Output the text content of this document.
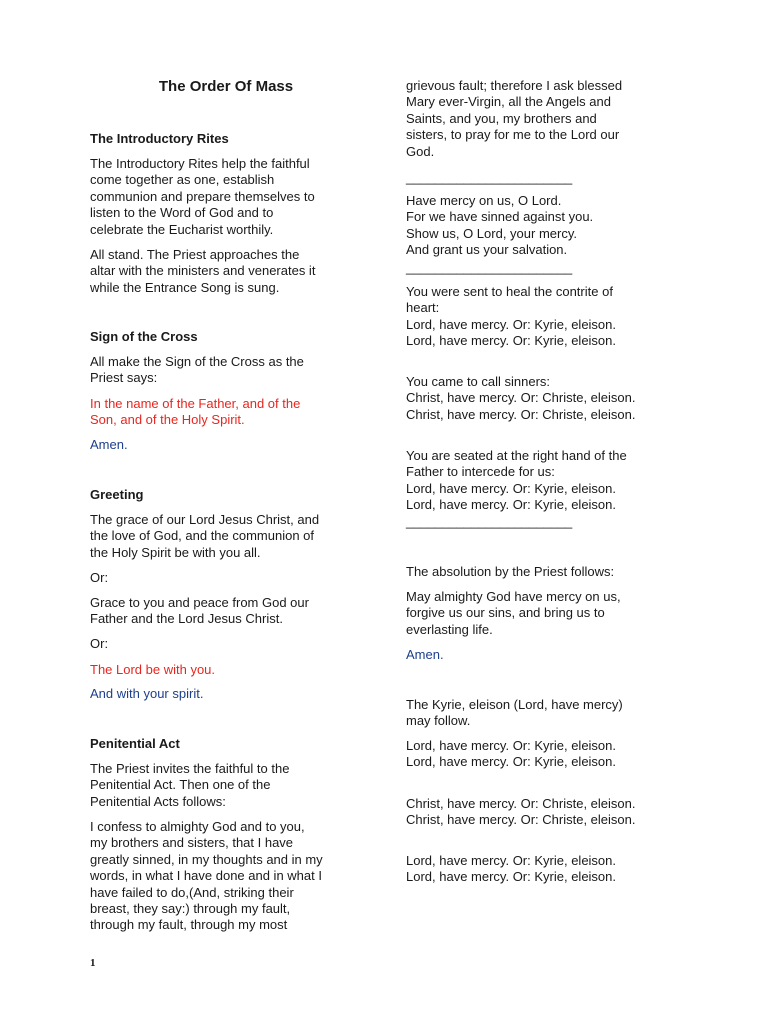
The Order Of Mass
The Introductory Rites
The Introductory Rites help the faithful
come together as one, establish
communion and prepare themselves to
listen to the Word of God and to
celebrate the Eucharist worthily.
All stand. The Priest approaches the
altar with the ministers and venerates it
while the Entrance Song is sung.
Sign of the Cross
All make the Sign of the Cross as the
Priest says:
In the name of the Father, and of the
Son, and of the Holy Spirit.
Amen.
Greeting
The grace of our Lord Jesus Christ, and
the love of God, and the communion of
the Holy Spirit be with you all.
Or:
Grace to you and peace from God our
Father and the Lord Jesus Christ.
Or:
The Lord be with you.
And with your spirit.
Penitential Act
The Priest invites the faithful to the
Penitential Act. Then one of the
Penitential Acts follows:
I confess to almighty God and to you,
my brothers and sisters, that I have
greatly sinned, in my thoughts and in my
words, in what I have done and in what I
have failed to do,(And, striking their
breast, they say:) through my fault,
through my fault, through my most
grievous fault; therefore I ask blessed
Mary ever-Virgin, all the Angels and
Saints, and you, my brothers and
sisters, to pray for me to the Lord our
God.
_______________________
Have mercy on us, O Lord.
For we have sinned against you.
Show us, O Lord, your mercy.
And grant us your salvation.
_______________________
You were sent to heal the contrite of
heart:
Lord, have mercy. Or: Kyrie, eleison.
Lord, have mercy. Or: Kyrie, eleison.
You came to call sinners:
Christ, have mercy. Or: Christe, eleison.
Christ, have mercy. Or: Christe, eleison.
You are seated at the right hand of the
Father to intercede for us:
Lord, have mercy. Or: Kyrie, eleison.
Lord, have mercy. Or: Kyrie, eleison.
_______________________
The absolution by the Priest follows:
May almighty God have mercy on us,
forgive us our sins, and bring us to
everlasting life.
Amen.
The Kyrie, eleison (Lord, have mercy)
may follow.
Lord, have mercy. Or: Kyrie, eleison.
Lord, have mercy. Or: Kyrie, eleison.
Christ, have mercy. Or: Christe, eleison.
Christ, have mercy. Or: Christe, eleison.
Lord, have mercy. Or: Kyrie, eleison.
Lord, have mercy. Or: Kyrie, eleison.
1
